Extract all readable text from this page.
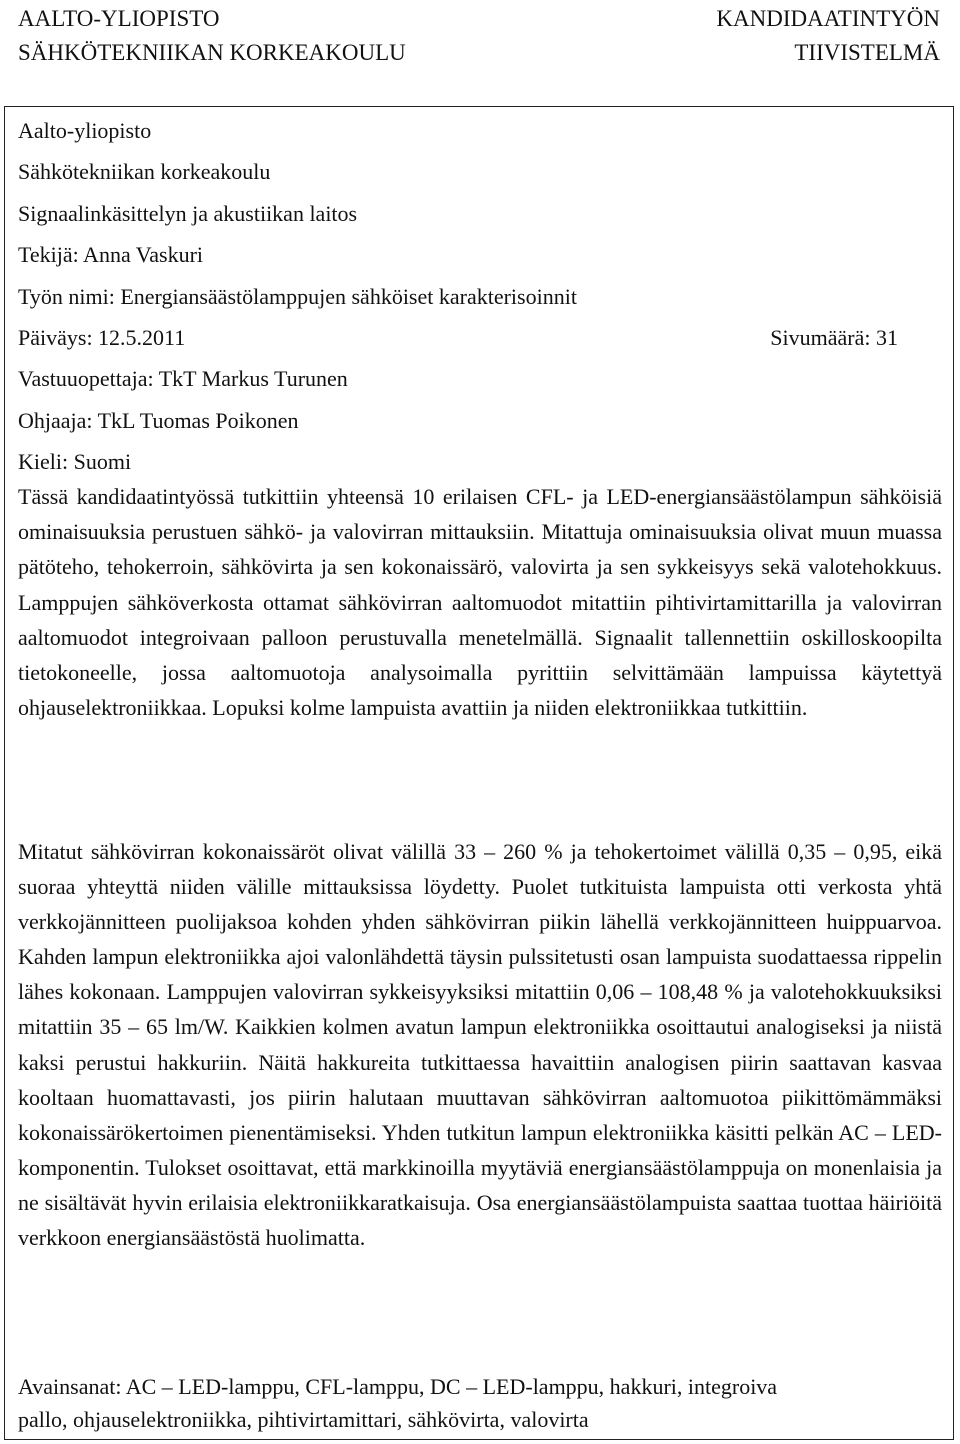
AALTO-YLIOPISTO
SÄHKÖTEKNIIKAN KORKEAKOULU
KANDIDAATINTYÖN
TIIVISTELMÄ
Aalto-yliopisto
Sähkötekniikan korkeakoulu
Signaalinkäsittelyn ja akustiikan laitos
Tekijä: Anna Vaskuri
Työn nimi: Energiansäästölamppujen sähköiset karakterisoinnit
Päiväys: 12.5.2011	Sivumäärä: 31
Vastuuopettaja: TkT Markus Turunen
Ohjaaja: TkL Tuomas Poikonen
Kieli: Suomi

Tässä kandidaatintyössä tutkittiin yhteensä 10 erilaisen CFL- ja LED-energiansäästölampun sähköisiä ominaisuuksia perustuen sähkö- ja valovirran mittauksiin. Mitattuja ominaisuuksia olivat muun muassa pätöteho, tehokerroin, sähkövirta ja sen kokonaissärö, valovirta ja sen sykkeisyys sekä valotehokkuus. Lamppujen sähköverkosta ottamat sähkövirran aaltomuodot mitattiin pihtivirtamittarilla ja valovirran aaltomuodot integroivaan palloon perustuvalla menetelmällä. Signaalit tallennettiin oskilloskoopilta tietokoneelle, jossa aaltomuotoja analysoimalla pyrittiin selvittämään lampuissa käytettyä ohjauselektroniikkaa. Lopuksi kolme lampuista avattiin ja niiden elektroniikkaa tutkittiin.

Mitatut sähkövirran kokonaissäröt olivat välillä 33 – 260 % ja tehokertoimet välillä 0,35 – 0,95, eikä suoraa yhteyttä niiden välille mittauksissa löydetty. Puolet tutkituista lampuista otti verkosta yhtä verkkojännitteen puolijaksoa kohden yhden sähkövirran piikin lähellä verkkojännitteen huippuarvoa. Kahden lampun elektroniikka ajoi valonlähdettä täysin pulssitetusti osan lampuista suodattaessa rippelin lähes kokonaan. Lamppujen valovirran sykkeisyyksiksi mitattiin 0,06 – 108,48 % ja valotehokkuuksiksi mitattiin 35 – 65 lm/W. Kaikkien kolmen avatun lampun elektroniikka osoittautui analogiseksi ja niistä kaksi perustui hakkuriin. Näitä hakkureita tutkittaessa havaittiin analogisen piirin saattavan kasvaa kooltaan huomattavasti, jos piirin halutaan muuttavan sähkövirran aaltomuotoa piikittömämmäksi kokonaissärökertoimen pienentämiseksi. Yhden tutkitun lampun elektroniikka käsitti pelkän AC – LED-komponentin. Tulokset osoittavat, että markkinoilla myytäviä energiansäästölamppuja on monenlaisia ja ne sisältävät hyvin erilaisia elektroniikkaratkaisuja. Osa energiansäästölampuista saattaa tuottaa häiriöitä verkkoon energiansäästöstä huolimatta.

Avainsanat: AC – LED-lamppu, CFL-lamppu, DC – LED-lamppu, hakkuri, integroiva
pallo, ohjauselektroniikka, pihtivirtamittari, sähkövirta, valovirta
